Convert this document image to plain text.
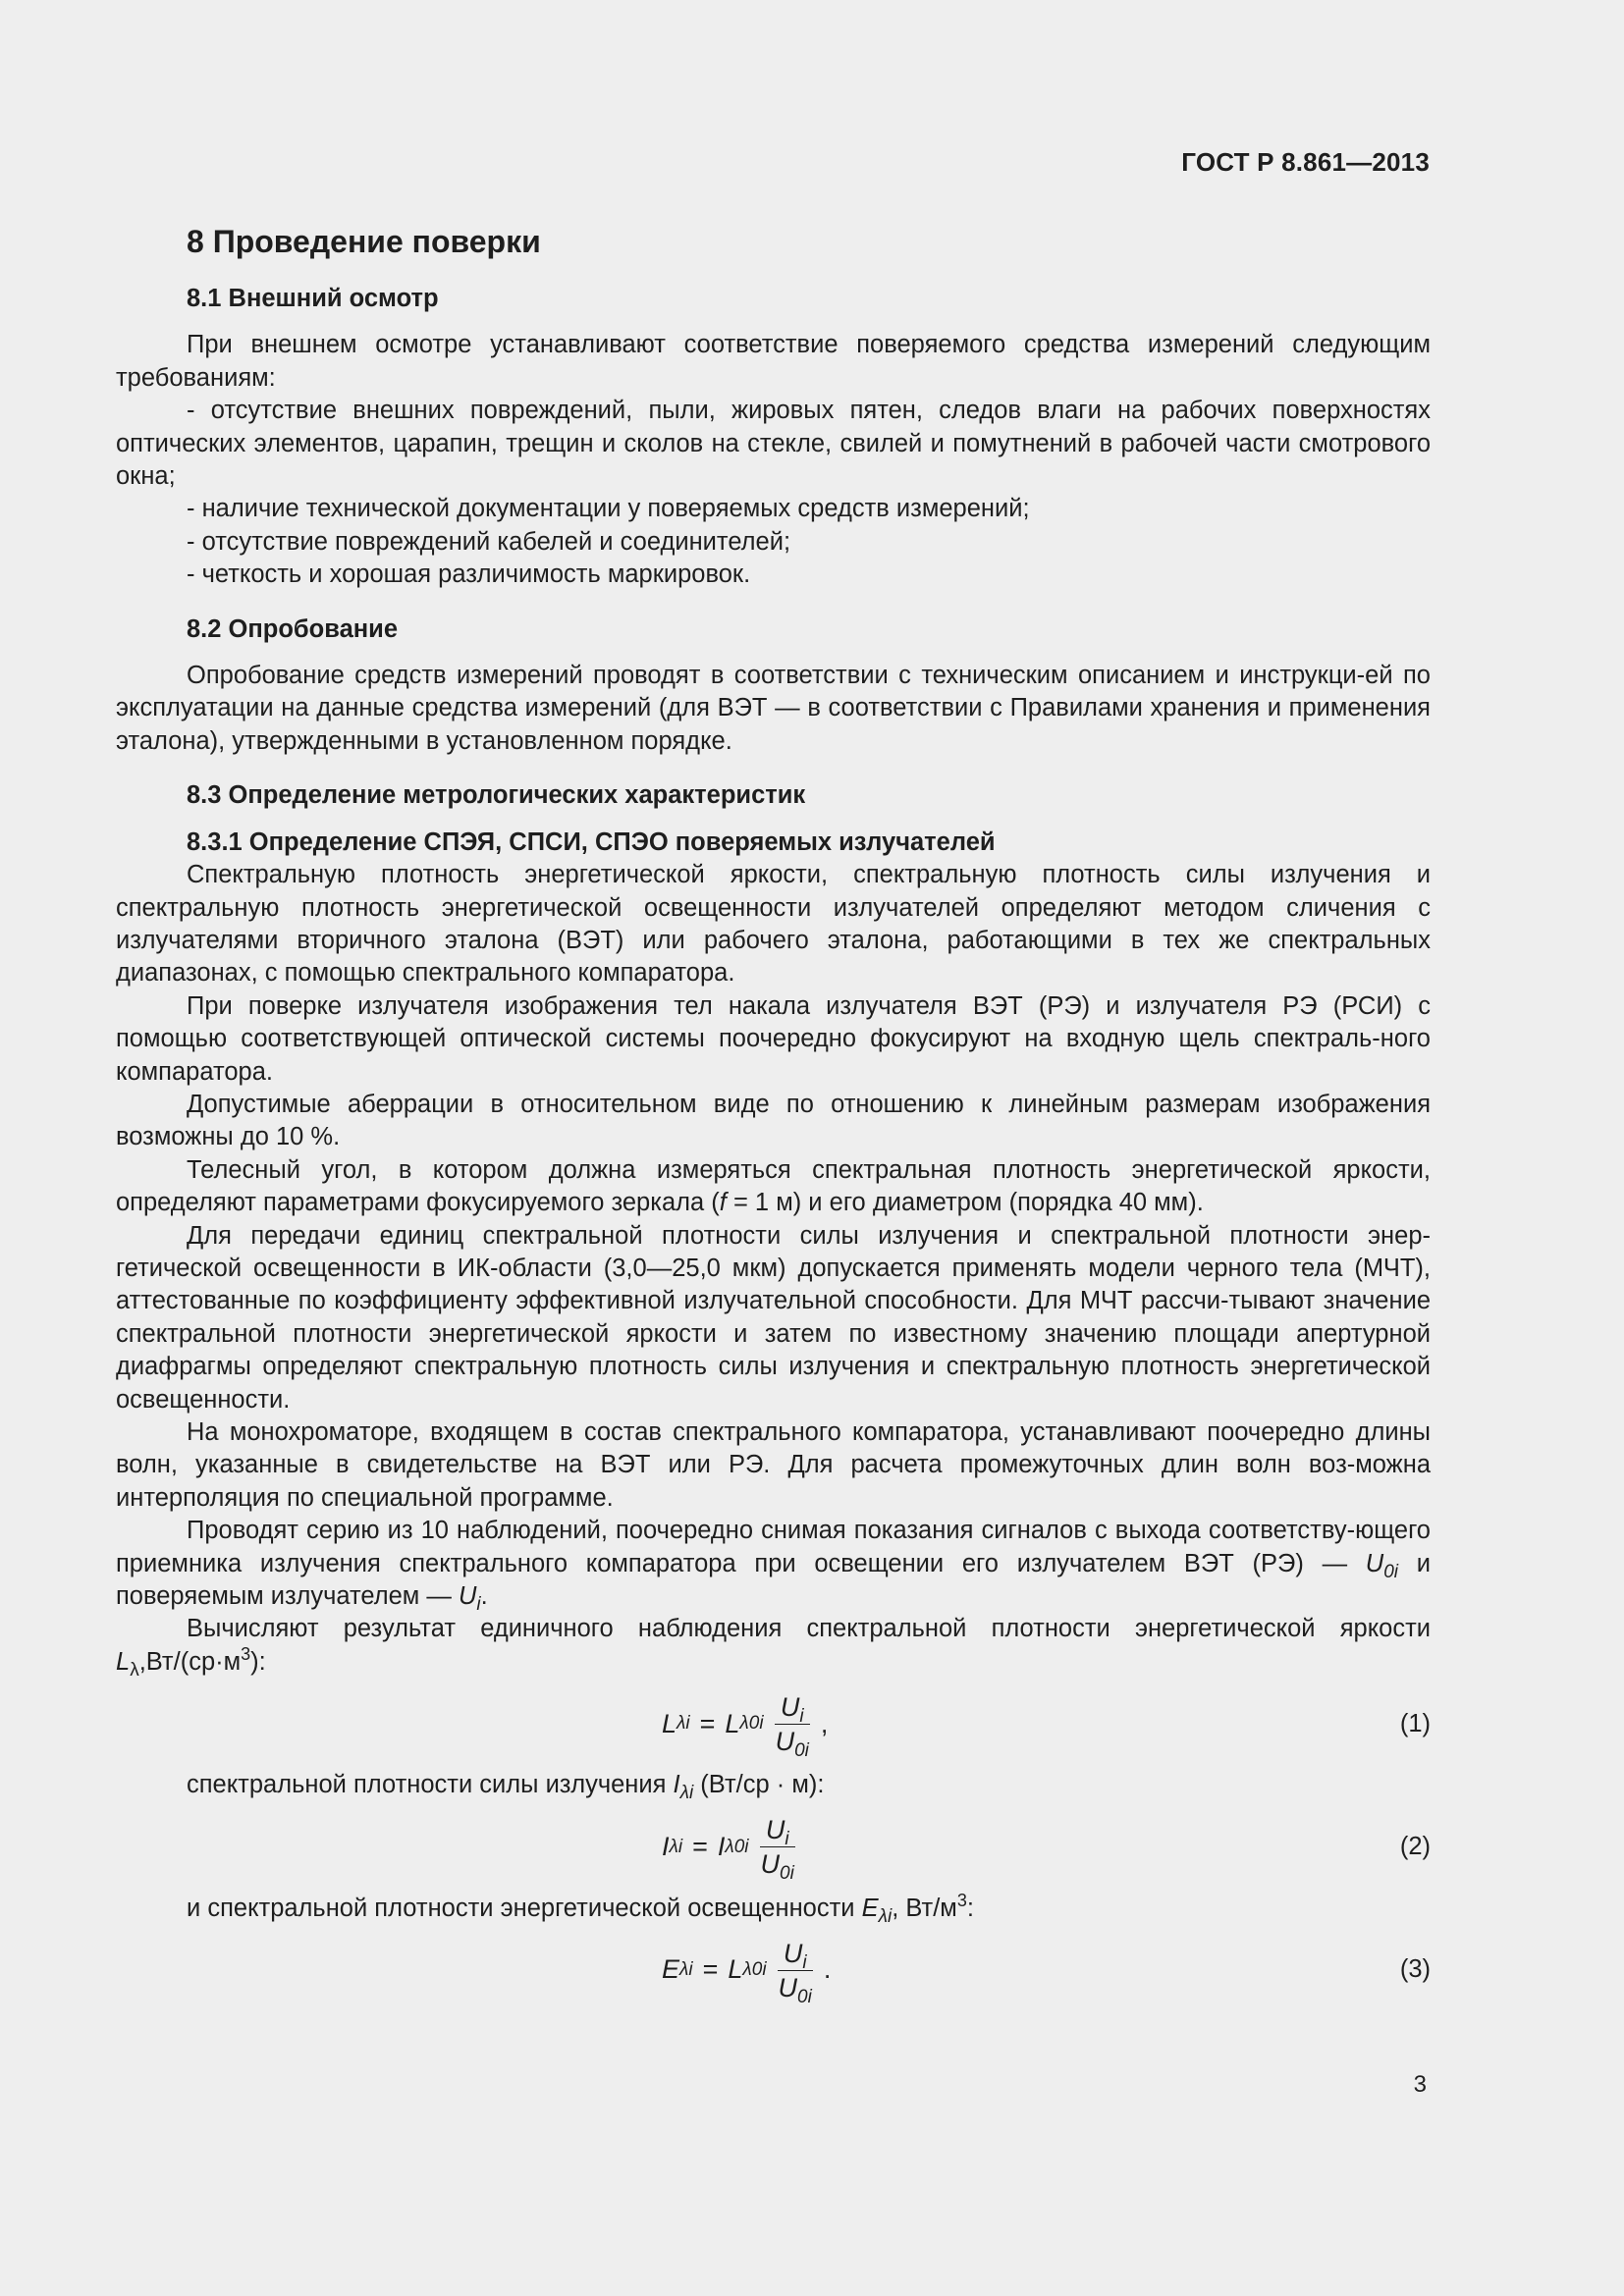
ГОСТ Р 8.861—2013
8 Проведение поверки
8.1 Внешний осмотр

При внешнем осмотре устанавливают соответствие поверяемого средства измерений следующим требованиям:

- отсутствие внешних повреждений, пыли, жировых пятен, следов влаги на рабочих поверхностях оптических элементов, царапин, трещин и сколов на стекле, свилей и помутнений в рабочей части смотрового окна;

- наличие технической документации у поверяемых средств измерений;

- отсутствие повреждений кабелей и соединителей;

- четкость и хорошая различимость маркировок.

8.2 Опробование

Опробование средств измерений проводят в соответствии с техническим описанием и инструкци-ей по эксплуатации на данные средства измерений (для ВЭТ — в соответствии с Правилами хранения и применения эталона), утвержденными в установленном порядке.

8.3 Определение метрологических характеристик
8.3.1 Определение СПЭЯ, СПСИ, СПЭО поверяемых излучателей

Спектральную плотность энергетической яркости, спектральную плотность силы излучения и спектральную плотность энергетической освещенности излучателей определяют методом сличения с излучателями вторичного эталона (ВЭТ) или рабочего эталона, работающими в тех же спектральных диапазонах, с помощью спектрального компаратора.

При поверке излучателя изображения тел накала излучателя ВЭТ (РЭ) и излучателя РЭ (РСИ) с помощью соответствующей оптической системы поочередно фокусируют на входную щель спектраль-ного компаратора.

Допустимые аберрации в относительном виде по отношению к линейным размерам изображения возможны до 10 %.

Телесный угол, в котором должна измеряться спектральная плотность энергетической яркости, определяют параметрами фокусируемого зеркала (f = 1 м) и его диаметром (порядка 40 мм).

Для передачи единиц спектральной плотности силы излучения и спектральной плотности энер-гетической освещенности в ИК-области (3,0—25,0 мкм) допускается применять модели черного тела (МЧТ), аттестованные по коэффициенту эффективной излучательной способности. Для МЧТ рассчи-тывают значение спектральной плотности энергетической яркости и затем по известному значению площади апертурной диафрагмы определяют спектральную плотность силы излучения и спектральную плотность энергетической освещенности.

На монохроматоре, входящем в состав спектрального компаратора, устанавливают поочередно длины волн, указанные в свидетельстве на ВЭТ или РЭ. Для расчета промежуточных длин волн воз-можна интерполяция по специальной программе.

Проводят серию из 10 наблюдений, поочередно снимая показания сигналов с выхода соответству-ющего приемника излучения спектрального компаратора при освещении его излучателем ВЭТ (РЭ) — $U_{0i}$ и поверяемым излучателем — $U_i$.

Вычисляют результат единичного наблюдения спектральной плотности энергетической яркости $L_\lambda,Вт/(ср\cdot м^3)$:

L λi = L $\lambda 0i \frac{U_i}{U_{0i}}$ ,	(1)

спектральной плотности силы излучения $I_{\lambda i}$ (Вт/ср · м):

I λi = I $\lambda 0i \frac{U_i}{U_{0i}}$	(2)

и спектральной плотности энергетической освещенности $E_{\lambda i}$, $Вт/м^3$:

E λi = L $\lambda 0i \frac{U_i}{U_{0i}}$ .	(3)
3
